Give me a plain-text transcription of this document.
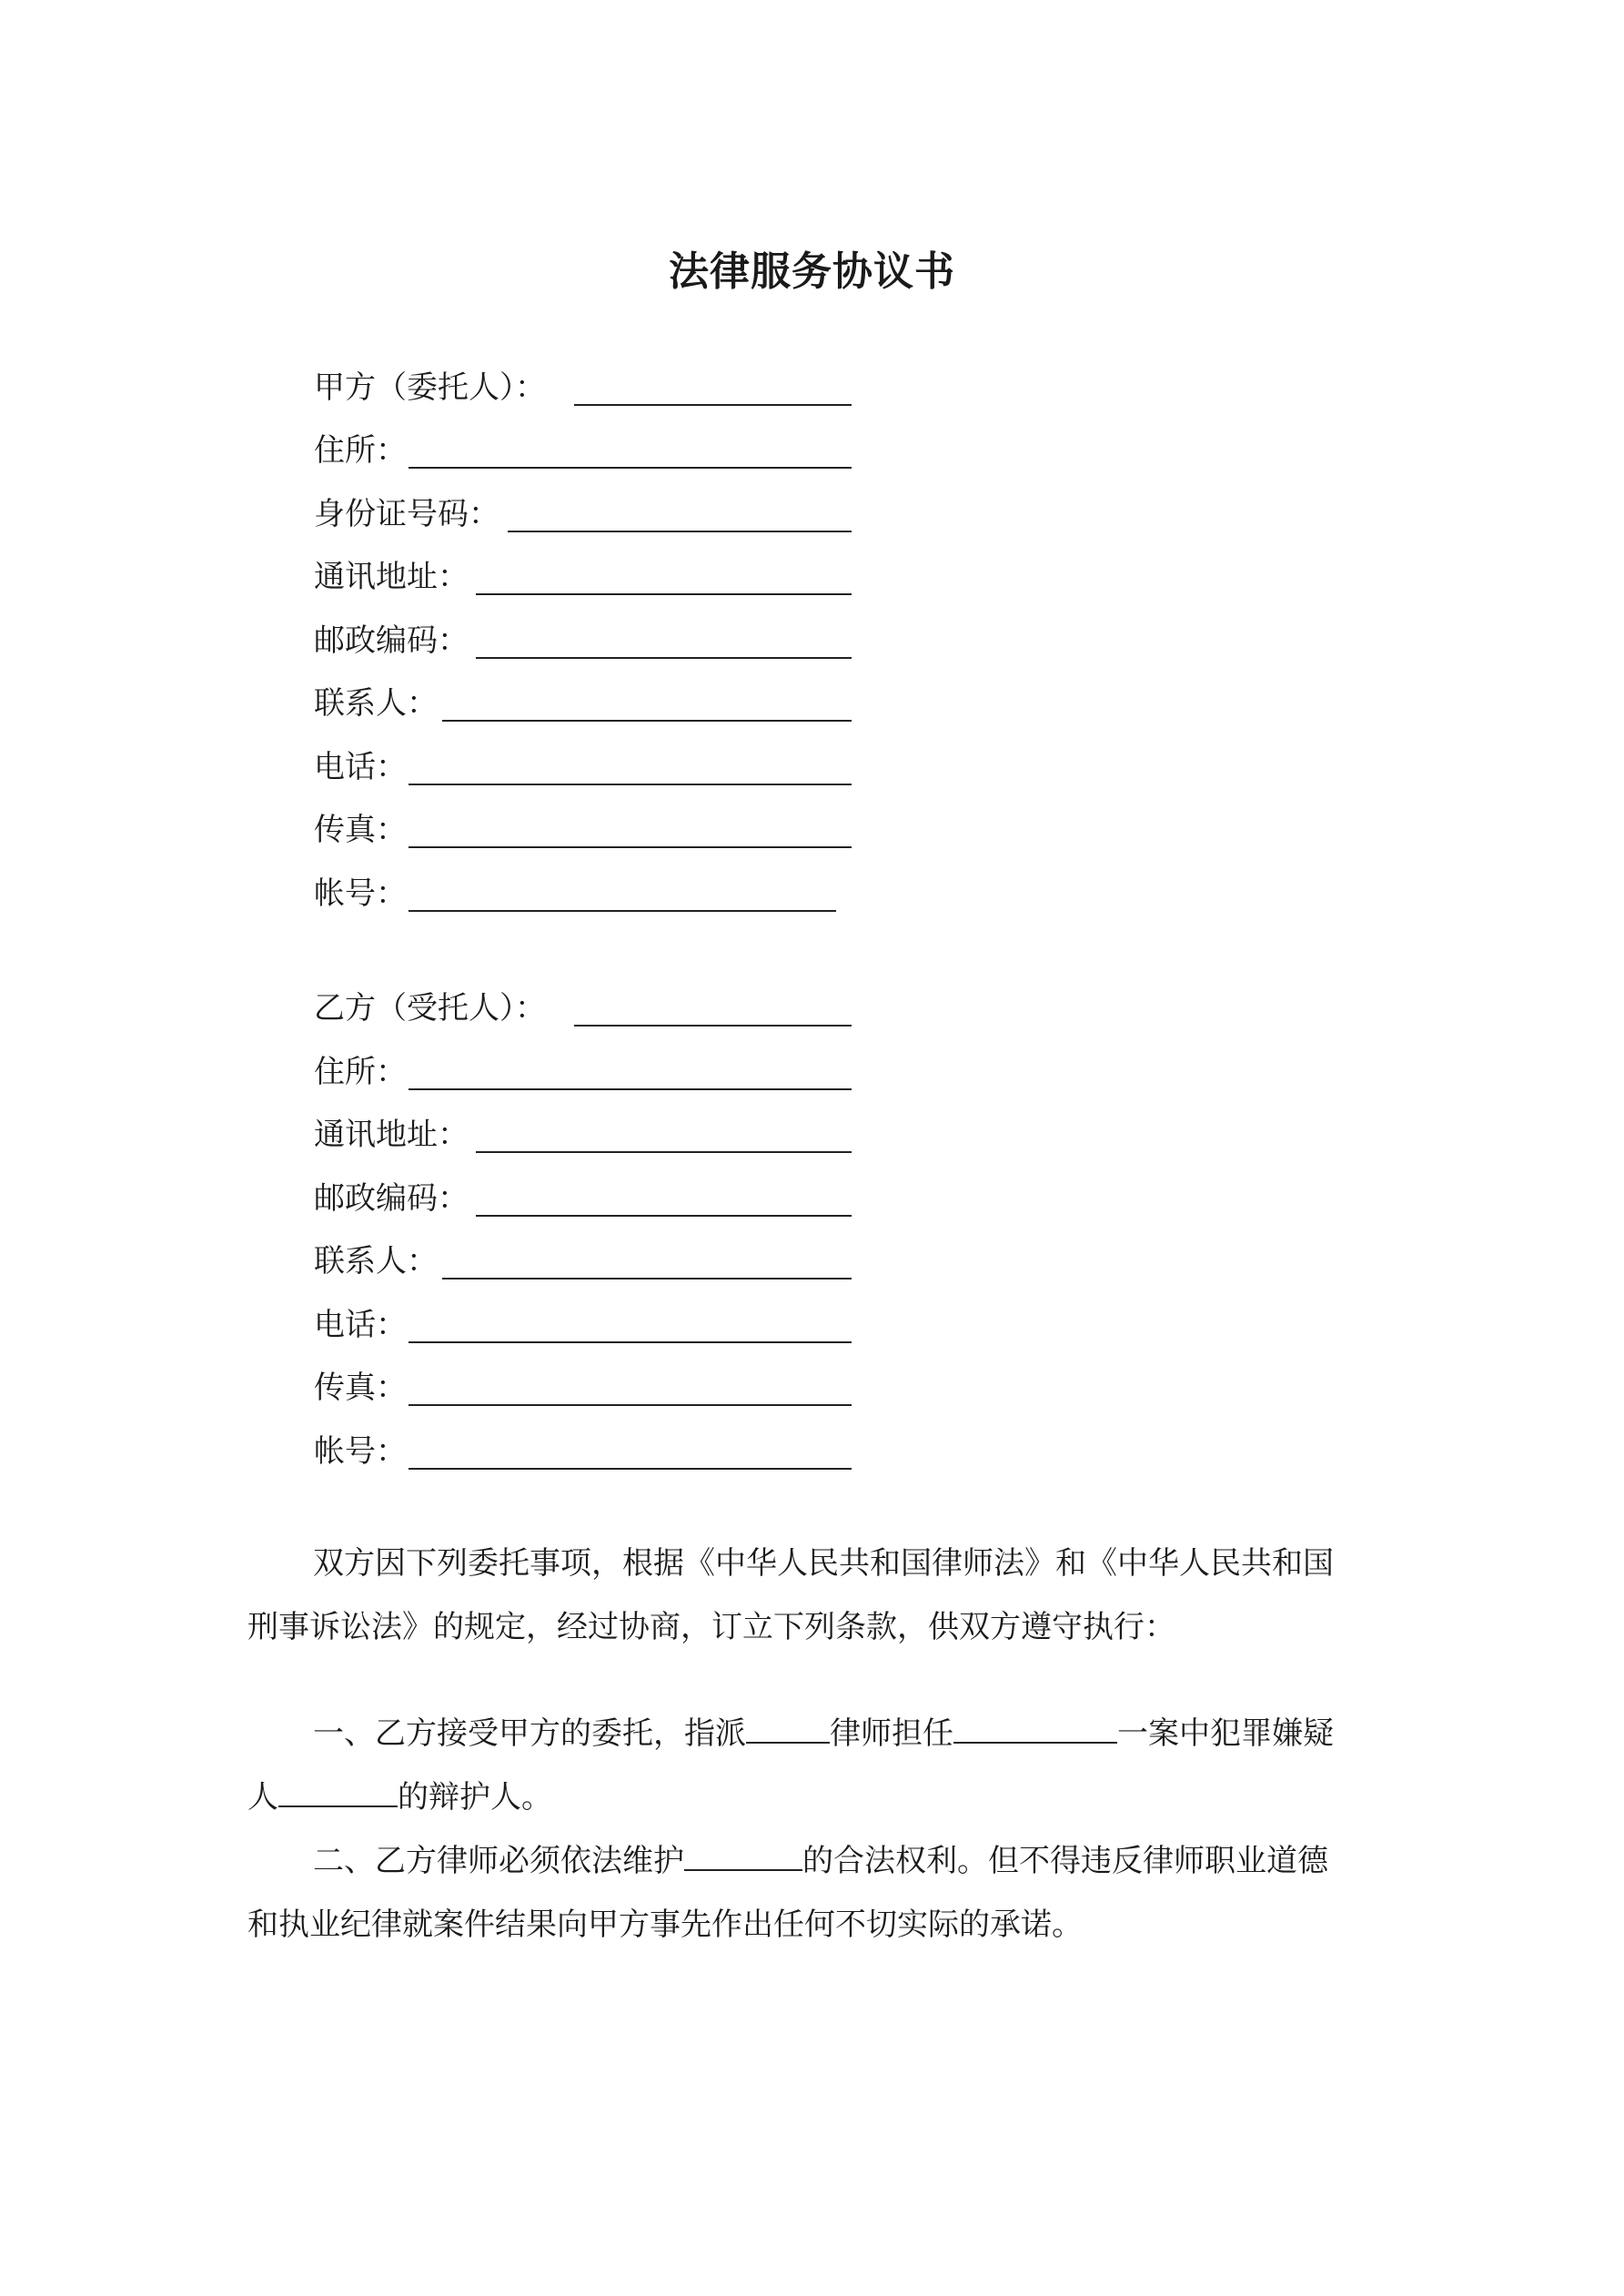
法律服务协议书
甲方（委托人）：
住所：
身份证号码：
通讯地址：
邮政编码：
联系人：
电话：
传真：
帐号：
乙方（受托人）：
住所：
通讯地址：
邮政编码：
联系人：
电话：
传真：
帐号：
双方因下列委托事项，根据《中华人民共和国律师法》和《中华人民共和国
刑事诉讼法》的规定，经过协商，订立下列条款，供双方遵守执行：
一、乙方接受甲方的委托，指派	律师担任	一案中犯罪嫌疑
人	的辩护人。
二、乙方律师必须依法维护	的合法权利。但不得违反律师职业道德
和执业纪律就案件结果向甲方事先作出任何不切实际的承诺。
